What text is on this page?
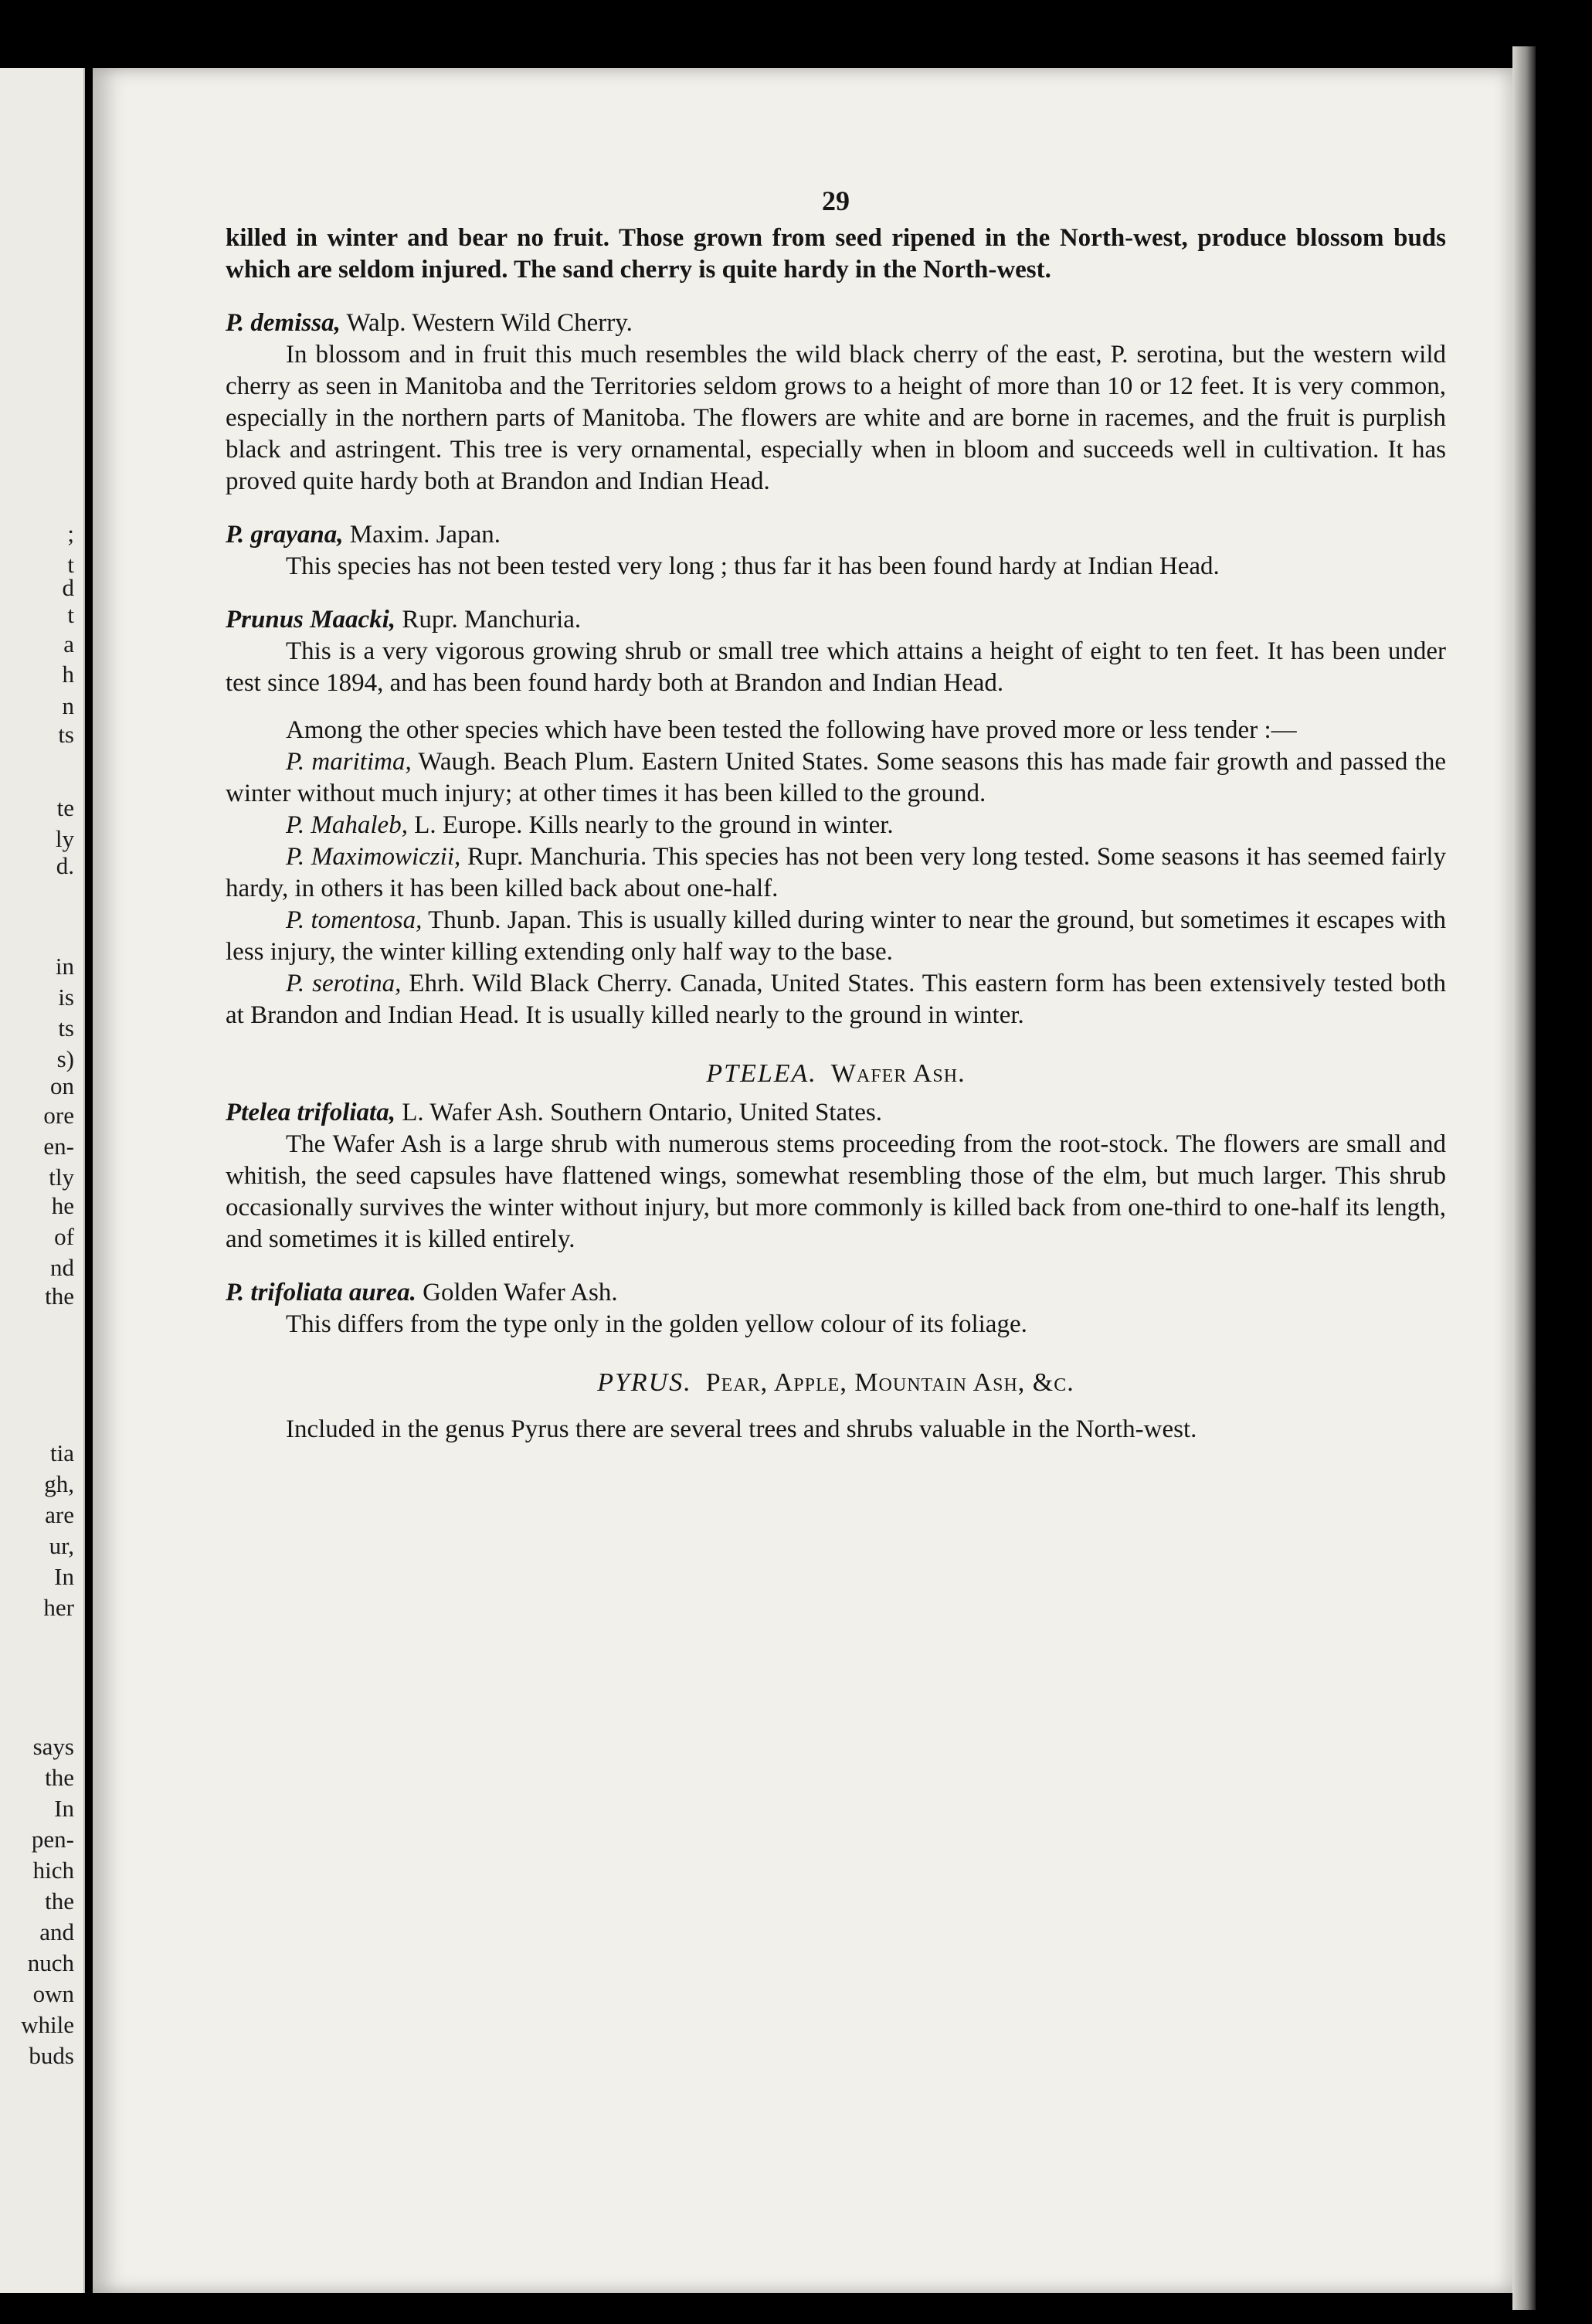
;
t
d
t
a
h
n
ts
te
ly
d.
in
is
ts
s)
on
ore
en-
tly
he
of
nd
the
tia
gh,
are
ur,
In
her
says
the
In
pen-
hich
the
and
nuch
own
while
buds
29

killed in winter and bear no fruit. Those grown from seed ripened in the North-west, produce blossom buds which are seldom injured. The sand cherry is quite hardy in the North-west.

P. demissa, Walp. Western Wild Cherry.

In blossom and in fruit this much resembles the wild black cherry of the east, P. serotina, but the western wild cherry as seen in Manitoba and the Territories seldom grows to a height of more than 10 or 12 feet. It is very common, especially in the northern parts of Manitoba. The flowers are white and are borne in racemes, and the fruit is purplish black and astringent. This tree is very ornamental, especially when in bloom and succeeds well in cultivation. It has proved quite hardy both at Brandon and Indian Head.

P. grayana, Maxim. Japan.

This species has not been tested very long ; thus far it has been found hardy at Indian Head.

Prunus Maacki, Rupr. Manchuria.

This is a very vigorous growing shrub or small tree which attains a height of eight to ten feet. It has been under test since 1894, and has been found hardy both at Brandon and Indian Head.

Among the other species which have been tested the following have proved more or less tender :—

P. maritima, Waugh. Beach Plum. Eastern United States. Some seasons this has made fair growth and passed the winter without much injury; at other times it has been killed to the ground.

P. Mahaleb, L. Europe. Kills nearly to the ground in winter.

P. Maximowiczii, Rupr. Manchuria. This species has not been very long tested. Some seasons it has seemed fairly hardy, in others it has been killed back about one-half.

P. tomentosa, Thunb. Japan. This is usually killed during winter to near the ground, but sometimes it escapes with less injury, the winter killing extending only half way to the base.

P. serotina, Ehrh. Wild Black Cherry. Canada, United States. This eastern form has been extensively tested both at Brandon and Indian Head. It is usually killed nearly to the ground in winter.

PTELEA. Wafer Ash.

Ptelea trifoliata, L. Wafer Ash. Southern Ontario, United States.

The Wafer Ash is a large shrub with numerous stems proceeding from the root-stock. The flowers are small and whitish, the seed capsules have flattened wings, somewhat resembling those of the elm, but much larger. This shrub occasionally survives the winter without injury, but more commonly is killed back from one-third to one-half its length, and sometimes it is killed entirely.

P. trifoliata aurea. Golden Wafer Ash.

This differs from the type only in the golden yellow colour of its foliage.

PYRUS. Pear, Apple, Mountain Ash, &c.

Included in the genus Pyrus there are several trees and shrubs valuable in the North-west.
